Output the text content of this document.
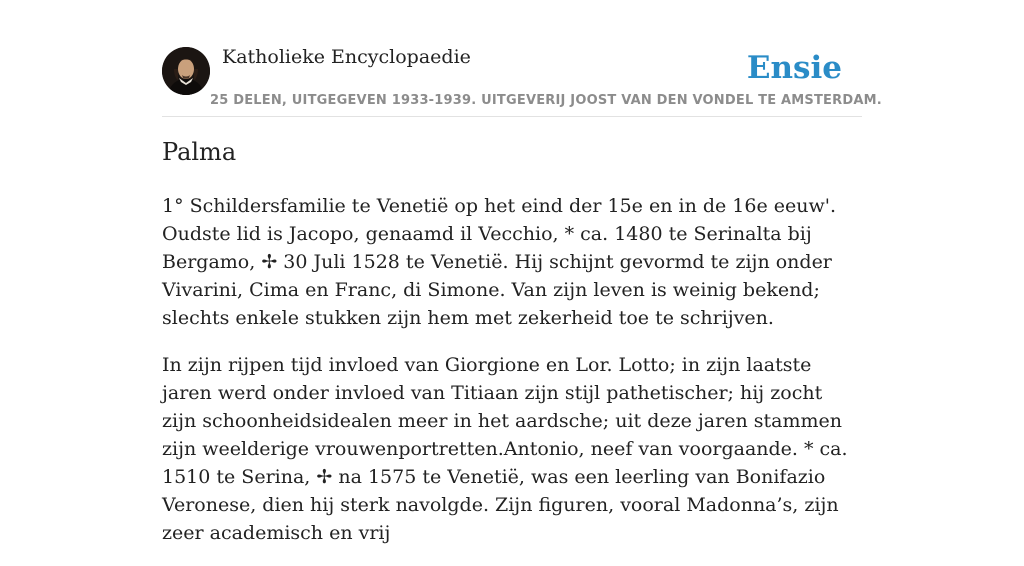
Katholieke Encyclopaedie	Ensie
25 DELEN, UITGEGEVEN 1933-1939. UITGEVERIJ JOOST VAN DEN VONDEL TE AMSTERDAM.
Palma

1° Schildersfamilie te Venetië op het eind der 15e en in de 16e eeuw'. Oudste lid is Jacopo, genaamd il Vecchio, * ca. 1480 te Serinalta bij Bergamo, ✢ 30 Juli 1528 te Venetië. Hij schijnt gevormd te zijn onder Vivarini, Cima en Franc, di Simone. Van zijn leven is weinig bekend; slechts enkele stukken zijn hem met zekerheid toe te schrijven.

In zijn rijpen tijd invloed van Giorgione en Lor. Lotto; in zijn laatste jaren werd onder invloed van Titiaan zijn stijl pathetischer; hij zocht zijn schoonheidsidealen meer in het aardsche; uit deze jaren stammen zijn weelderige vrouwenportretten.Antonio, neef van voorgaande. * ca. 1510 te Serina, ✢ na 1575 te Venetië, was een leerling van Bonifazio Veronese, dien hij sterk navolgde. Zijn figuren, vooral Madonna’s, zijn zeer academisch en vrij
